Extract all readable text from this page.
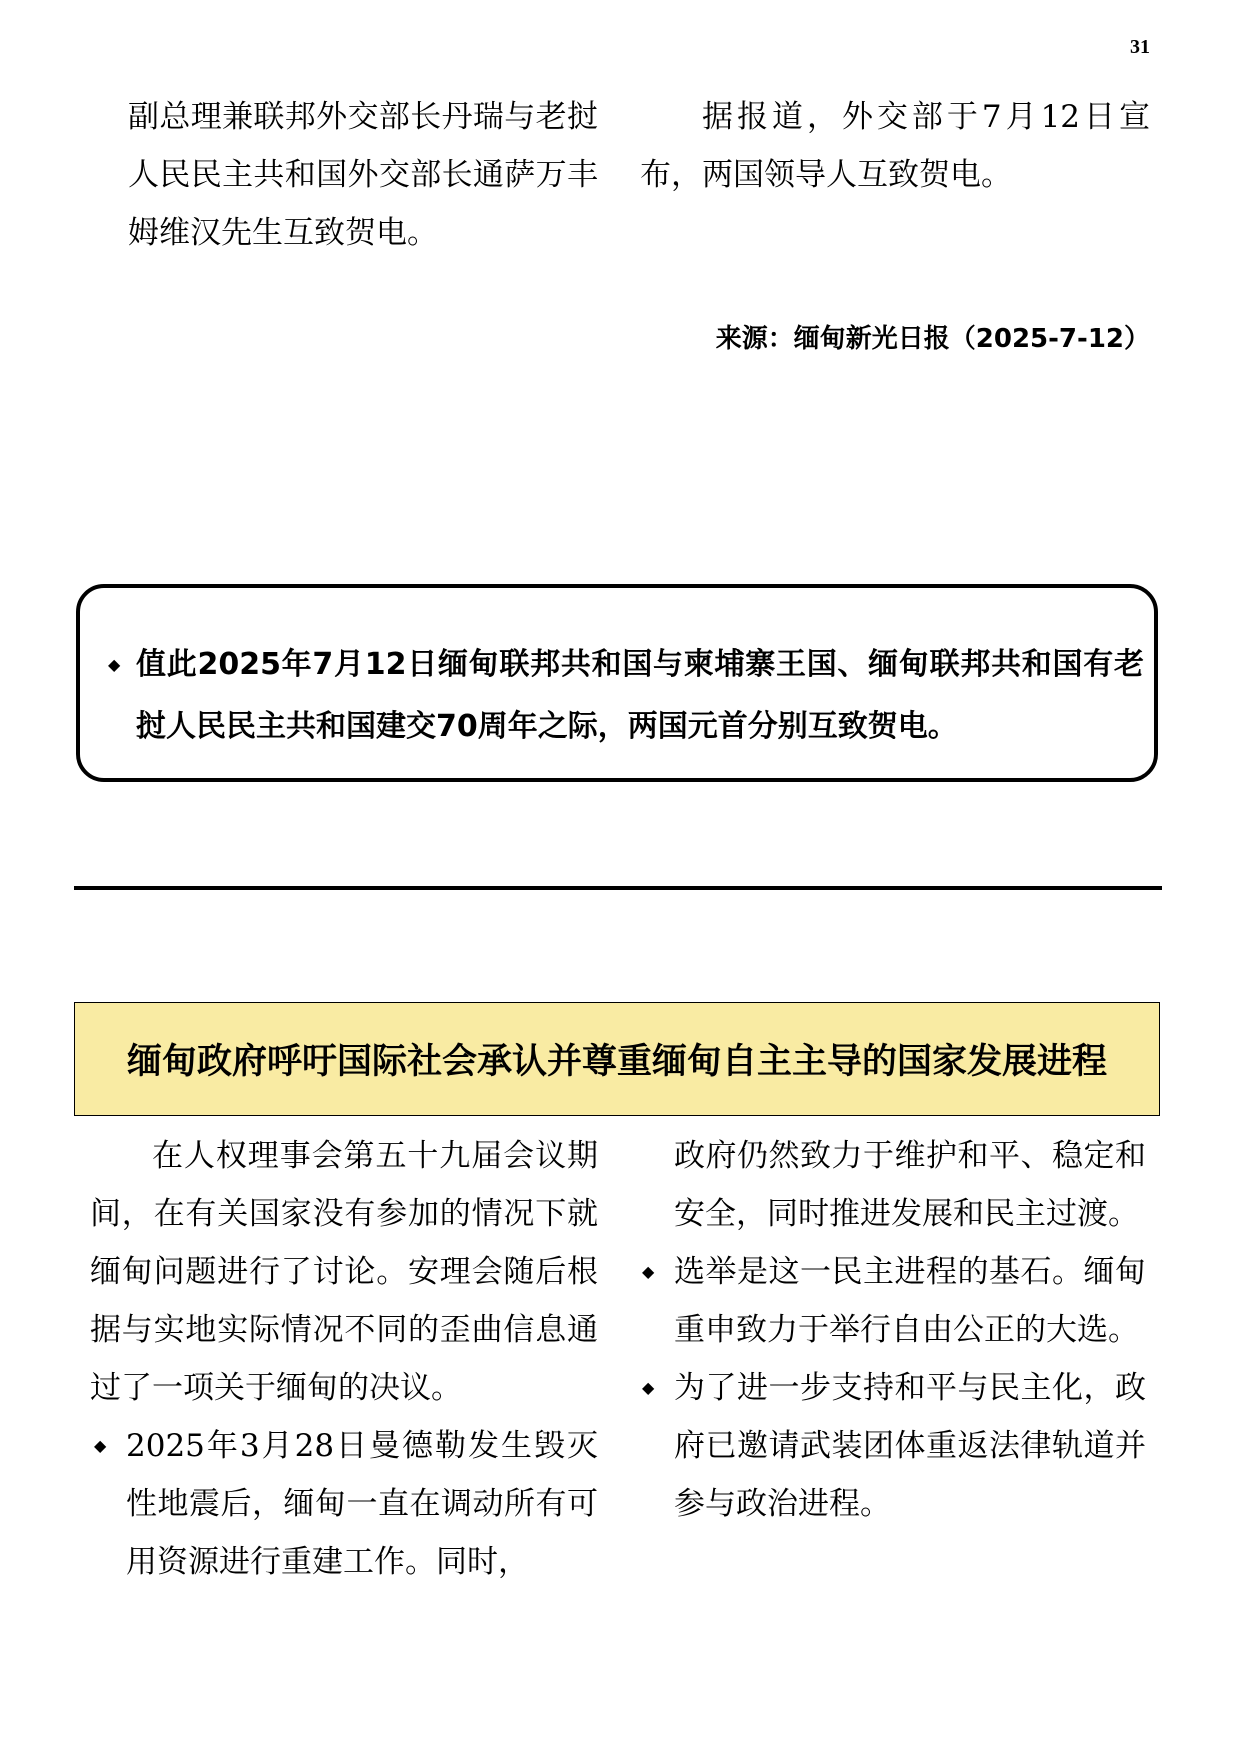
31

副总理兼联邦外交部长丹瑞与老挝人民民主共和国外交部长通萨万丰姆维汉先生互致贺电。

据报道，外交部于7月12日宣布，两国领导人互致贺电。

来源：缅甸新光日报（2025-7-12）

◆ 值此2025年7月12日缅甸联邦共和国与柬埔寨王国、缅甸联邦共和国有老挝人民民主共和国建交70周年之际，两国元首分别互致贺电。

缅甸政府呼吁国际社会承认并尊重缅甸自主主导的国家发展进程

在人权理事会第五十九届会议期间，在有关国家没有参加的情况下就缅甸问题进行了讨论。安理会随后根据与实地实际情况不同的歪曲信息通过了一项关于缅甸的决议。

◆ 2025年3月28日曼德勒发生毁灭性地震后，缅甸一直在调动所有可用资源进行重建工作。同时，

政府仍然致力于维护和平、稳定和安全，同时推进发展和民主过渡。

◆ 选举是这一民主进程的基石。缅甸重申致力于举行自由公正的大选。

◆ 为了进一步支持和平与民主化，政府已邀请武装团体重返法律轨道并参与政治进程。
